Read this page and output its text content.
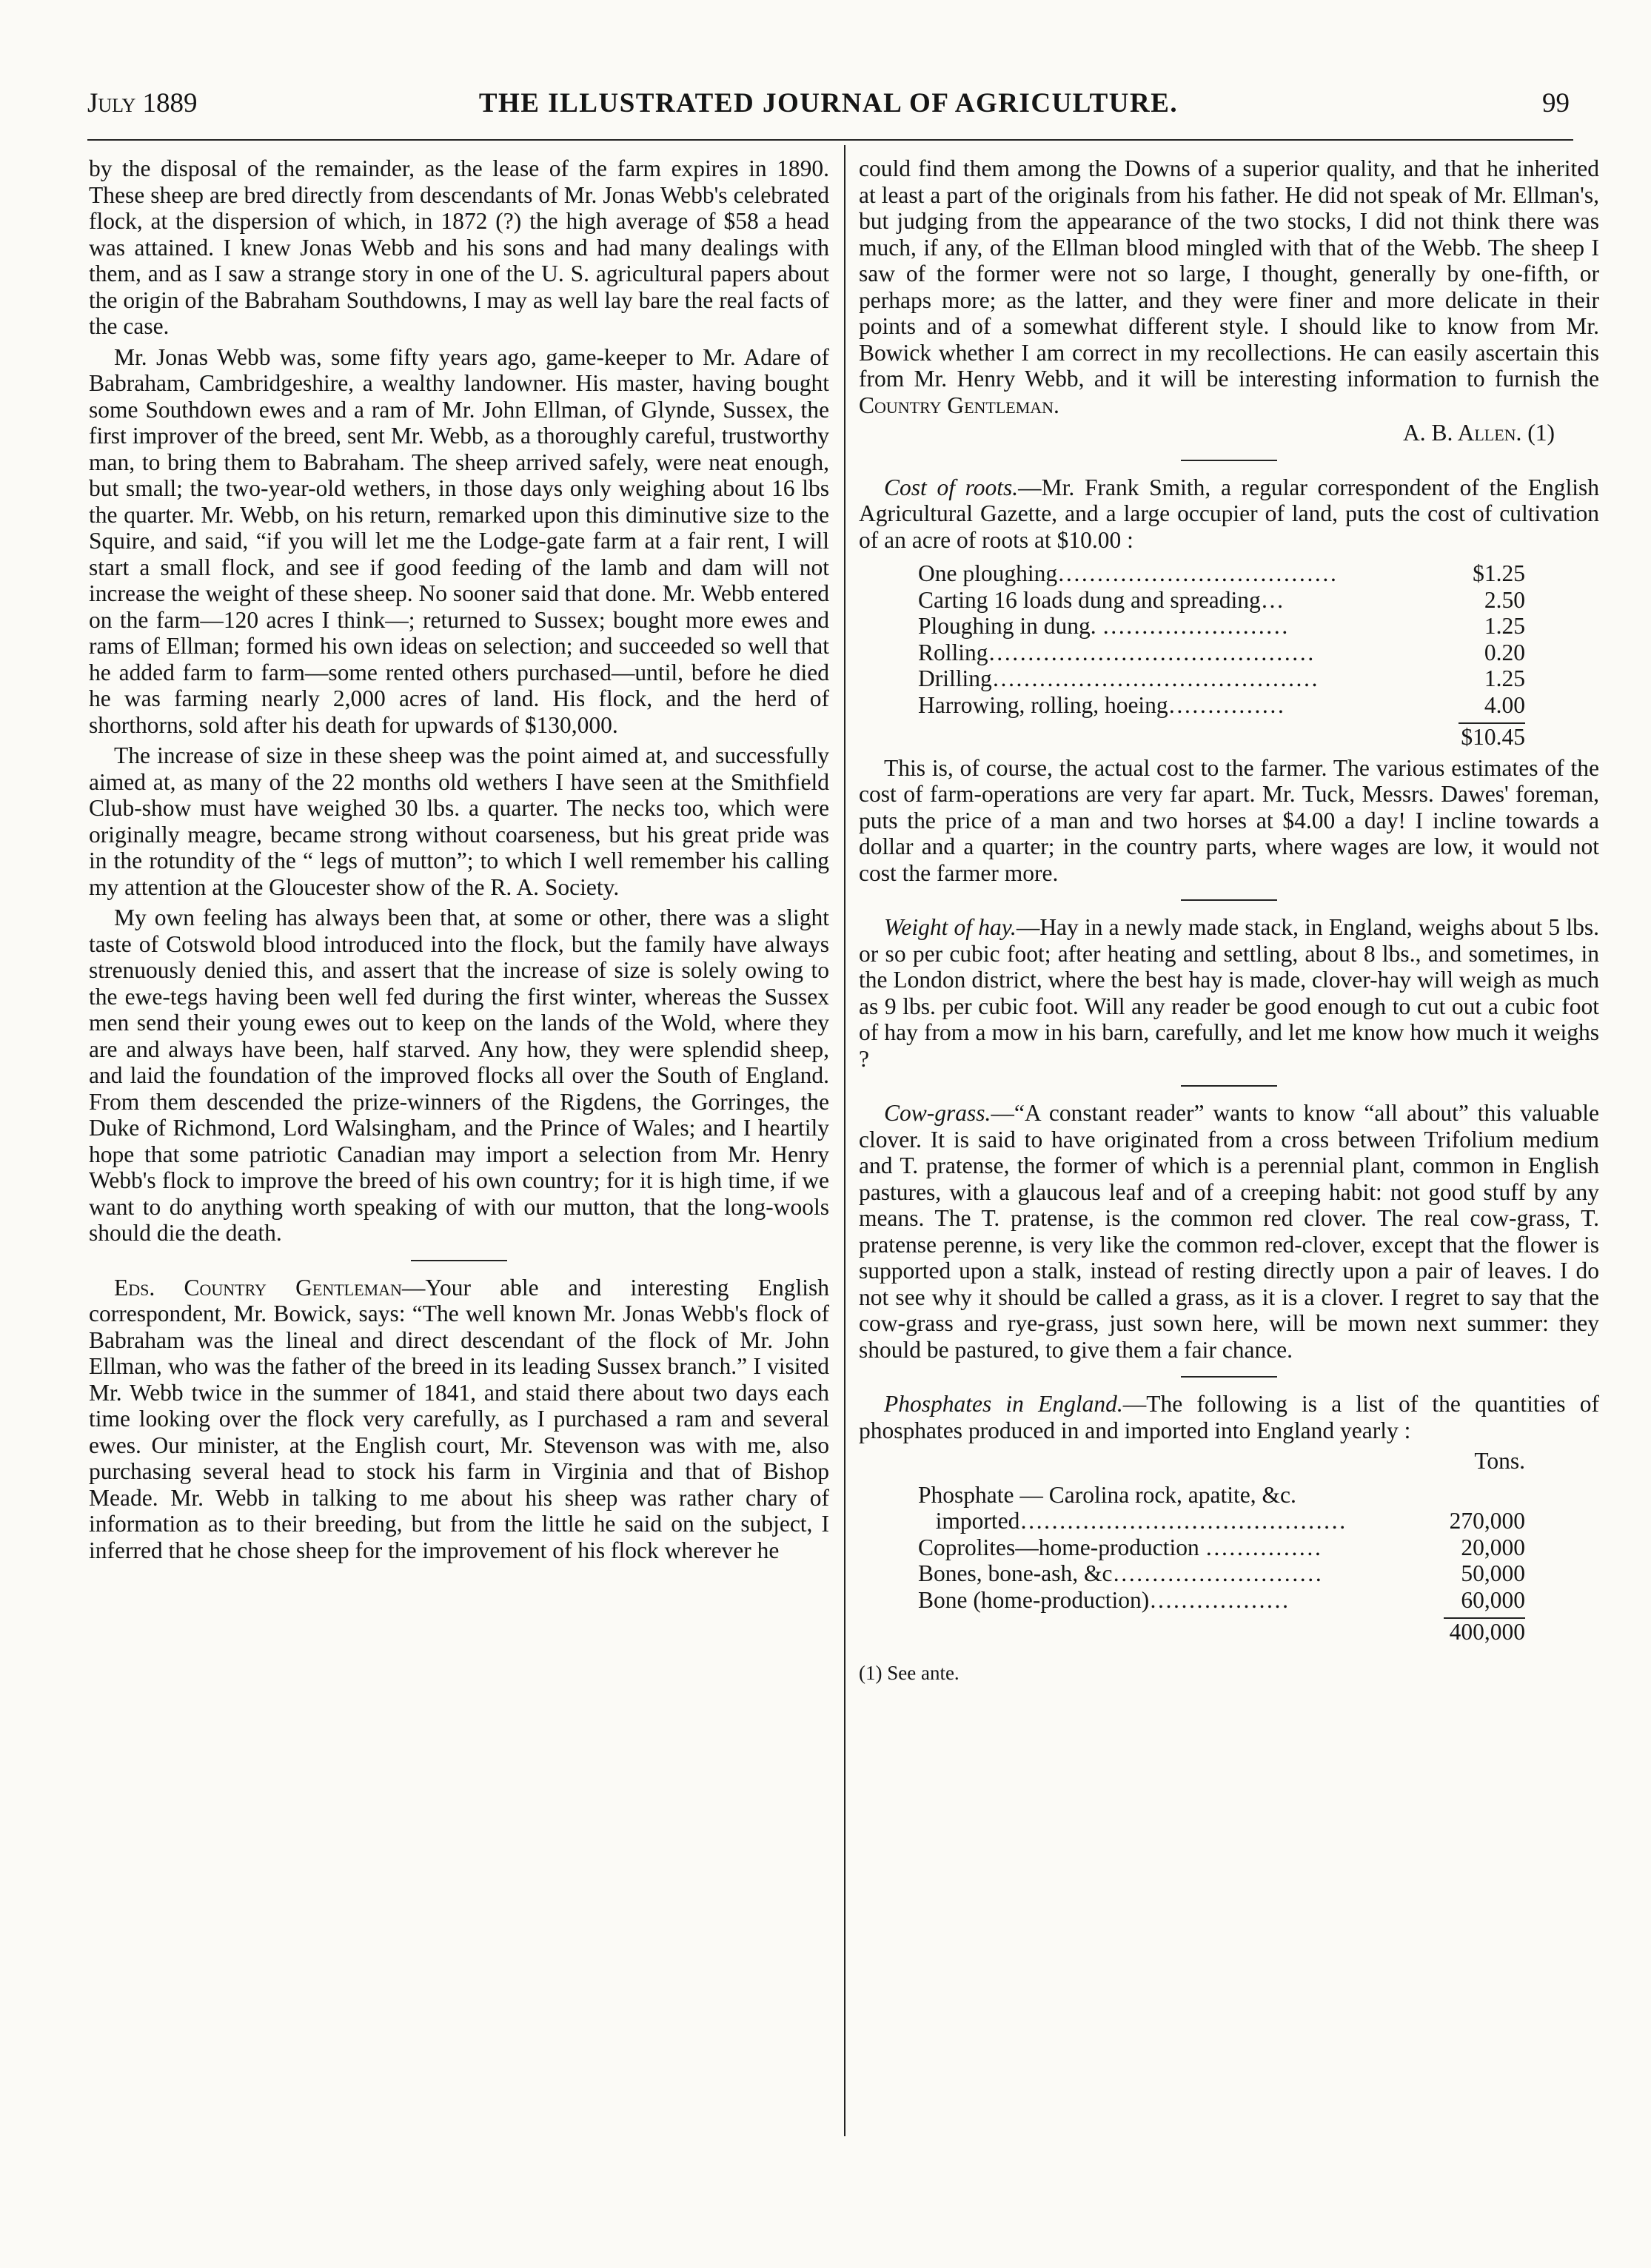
July 1889	THE ILLUSTRATED JOURNAL OF AGRICULTURE.	99

by the disposal of the remainder, as the lease of the farm expires in 1890. These sheep are bred directly from descendants of Mr. Jonas Webb's celebrated flock, at the dispersion of which, in 1872 (?) the high average of $58 a head was attained. I knew Jonas Webb and his sons and had many dealings with them, and as I saw a strange story in one of the U. S. agricultural papers about the origin of the Babraham Southdowns, I may as well lay bare the real facts of the case.

Mr. Jonas Webb was, some fifty years ago, game-keeper to Mr. Adare of Babraham, Cambridgeshire, a wealthy landowner. His master, having bought some Southdown ewes and a ram of Mr. John Ellman, of Glynde, Sussex, the first improver of the breed, sent Mr. Webb, as a thoroughly careful, trustworthy man, to bring them to Babraham. The sheep arrived safely, were neat enough, but small; the two-year-old wethers, in those days only weighing about 16 lbs the quarter. Mr. Webb, on his return, remarked upon this diminutive size to the Squire, and said, “if you will let me the Lodge-gate farm at a fair rent, I will start a small flock, and see if good feeding of the lamb and dam will not increase the weight of these sheep. No sooner said that done. Mr. Webb entered on the farm—120 acres I think—; returned to Sussex; bought more ewes and rams of Ellman; formed his own ideas on selection; and succeeded so well that he added farm to farm—some rented others purchased—until, before he died he was farming nearly 2,000 acres of land. His flock, and the herd of shorthorns, sold after his death for upwards of $130,000.

The increase of size in these sheep was the point aimed at, and successfully aimed at, as many of the 22 months old wethers I have seen at the Smithfield Club-show must have weighed 30 lbs. a quarter. The necks too, which were originally meagre, became strong without coarseness, but his great pride was in the rotundity of the “ legs of mutton”; to which I well remember his calling my attention at the Gloucester show of the R. A. Society.

My own feeling has always been that, at some or other, there was a slight taste of Cotswold blood introduced into the flock, but the family have always strenuously denied this, and assert that the increase of size is solely owing to the ewe-tegs having been well fed during the first winter, whereas the Sussex men send their young ewes out to keep on the lands of the Wold, where they are and always have been, half starved. Any how, they were splendid sheep, and laid the foundation of the improved flocks all over the South of England. From them descended the prize-winners of the Rigdens, the Gorringes, the Duke of Richmond, Lord Walsingham, and the Prince of Wales; and I heartily hope that some patriotic Canadian may import a selection from Mr. Henry Webb's flock to improve the breed of his own country; for it is high time, if we want to do anything worth speaking of with our mutton, that the long-wools should die the death.

Eds. Country Gentleman—Your able and interesting English correspondent, Mr. Bowick, says: “The well known Mr. Jonas Webb's flock of Babraham was the lineal and direct descendant of the flock of Mr. John Ellman, who was the father of the breed in its leading Sussex branch.” I visited Mr. Webb twice in the summer of 1841, and staid there about two days each time looking over the flock very carefully, as I purchased a ram and several ewes. Our minister, at the English court, Mr. Stevenson was with me, also purchasing several head to stock his farm in Virginia and that of Bishop Meade. Mr. Webb in talking to me about his sheep was rather chary of information as to their breeding, but from the little he said on the subject, I inferred that he chose sheep for the improvement of his flock wherever he

could find them among the Downs of a superior quality, and that he inherited at least a part of the originals from his father. He did not speak of Mr. Ellman's, but judging from the appearance of the two stocks, I did not think there was much, if any, of the Ellman blood mingled with that of the Webb. The sheep I saw of the former were not so large, I thought, generally by one-fifth, or perhaps more; as the latter, and they were finer and more delicate in their points and of a somewhat different style. I should like to know from Mr. Bowick whether I am correct in my recollections. He can easily ascertain this from Mr. Henry Webb, and it will be interesting information to furnish the Country Gentleman.

A. B. Allen. (1)

Cost of roots.—Mr. Frank Smith, a regular correspondent of the English Agricultural Gazette, and a large occupier of land, puts the cost of cultivation of an acre of roots at $10.00 :

One ploughing………………………………	$1.25
Carting 16 loads dung and spreading…	2.50
Ploughing in dung. ……………………	1.25
Rolling……………………………………	0.20
Drilling……………………………………	1.25
Harrowing, rolling, hoeing……………	4.00
$10.45

This is, of course, the actual cost to the farmer. The various estimates of the cost of farm-operations are very far apart. Mr. Tuck, Messrs. Dawes' foreman, puts the price of a man and two horses at $4.00 a day! I incline towards a dollar and a quarter; in the country parts, where wages are low, it would not cost the farmer more.

Weight of hay.—Hay in a newly made stack, in England, weighs about 5 lbs. or so per cubic foot; after heating and settling, about 8 lbs., and sometimes, in the London district, where the best hay is made, clover-hay will weigh as much as 9 lbs. per cubic foot. Will any reader be good enough to cut out a cubic foot of hay from a mow in his barn, carefully, and let me know how much it weighs ?

Cow-grass.—“A constant reader” wants to know “all about” this valuable clover. It is said to have originated from a cross between Trifolium medium and T. pratense, the former of which is a perennial plant, common in English pastures, with a glaucous leaf and of a creeping habit: not good stuff by any means. The T. pratense, is the common red clover. The real cow-grass, T. pratense perenne, is very like the common red-clover, except that the flower is supported upon a stalk, instead of resting directly upon a pair of leaves. I do not see why it should be called a grass, as it is a clover. I regret to say that the cow-grass and rye-grass, just sown here, will be mown next summer: they should be pastured, to give them a fair chance.

Phosphates in England.—The following is a list of the quantities of phosphates produced in and imported into England yearly :

Tons.
Phosphate — Carolina rock, apatite, &c.	
imported……………………………………	270,000
Coprolites—home-production ……………	20,000
Bones, bone-ash, &c………………………	50,000
Bone (home-production)………………	60,000
400,000
(1) See ante.
